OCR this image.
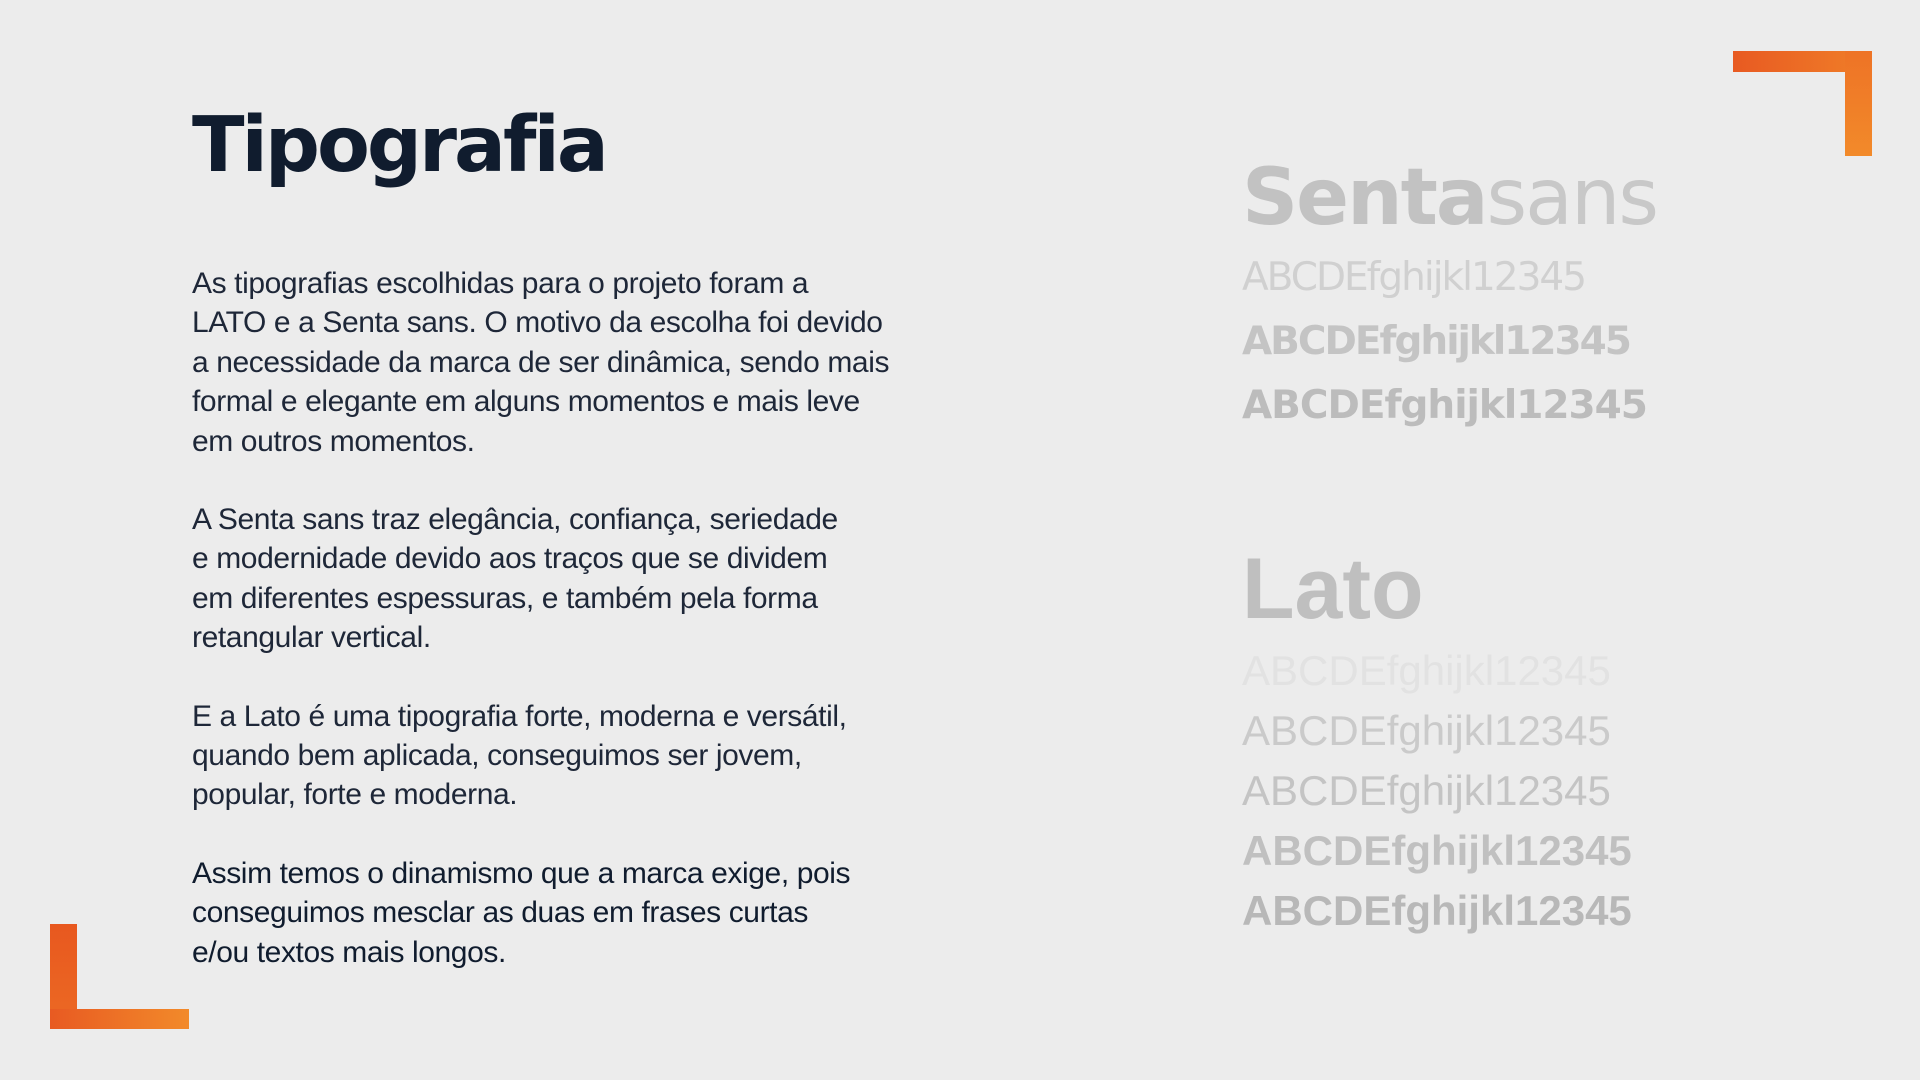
Tipografia

As tipografias escolhidas para o projeto foram a
LATO e a Senta sans. O motivo da escolha foi devido
a necessidade da marca de ser dinâmica, sendo mais
formal e elegante em alguns momentos e mais leve
em outros momentos.

A Senta sans traz elegância, confiança, seriedade
e modernidade devido aos traços que se dividem
em diferentes espessuras, e também pela forma
retangular vertical.

E a Lato é uma tipografia forte, moderna e versátil,
quando bem aplicada, conseguimos ser jovem,
popular, forte e moderna.

Assim temos o dinamismo que a marca exige, pois
conseguimos mesclar as duas em frases curtas
e/ou textos mais longos.

Sentasans
ABCDEfghijkl12345
ABCDEfghijkl12345
ABCDEfghijkl12345
Lato
ABCDEfghijkl12345
ABCDEfghijkl12345
ABCDEfghijkl12345
ABCDEfghijkl12345
ABCDEfghijkl12345
